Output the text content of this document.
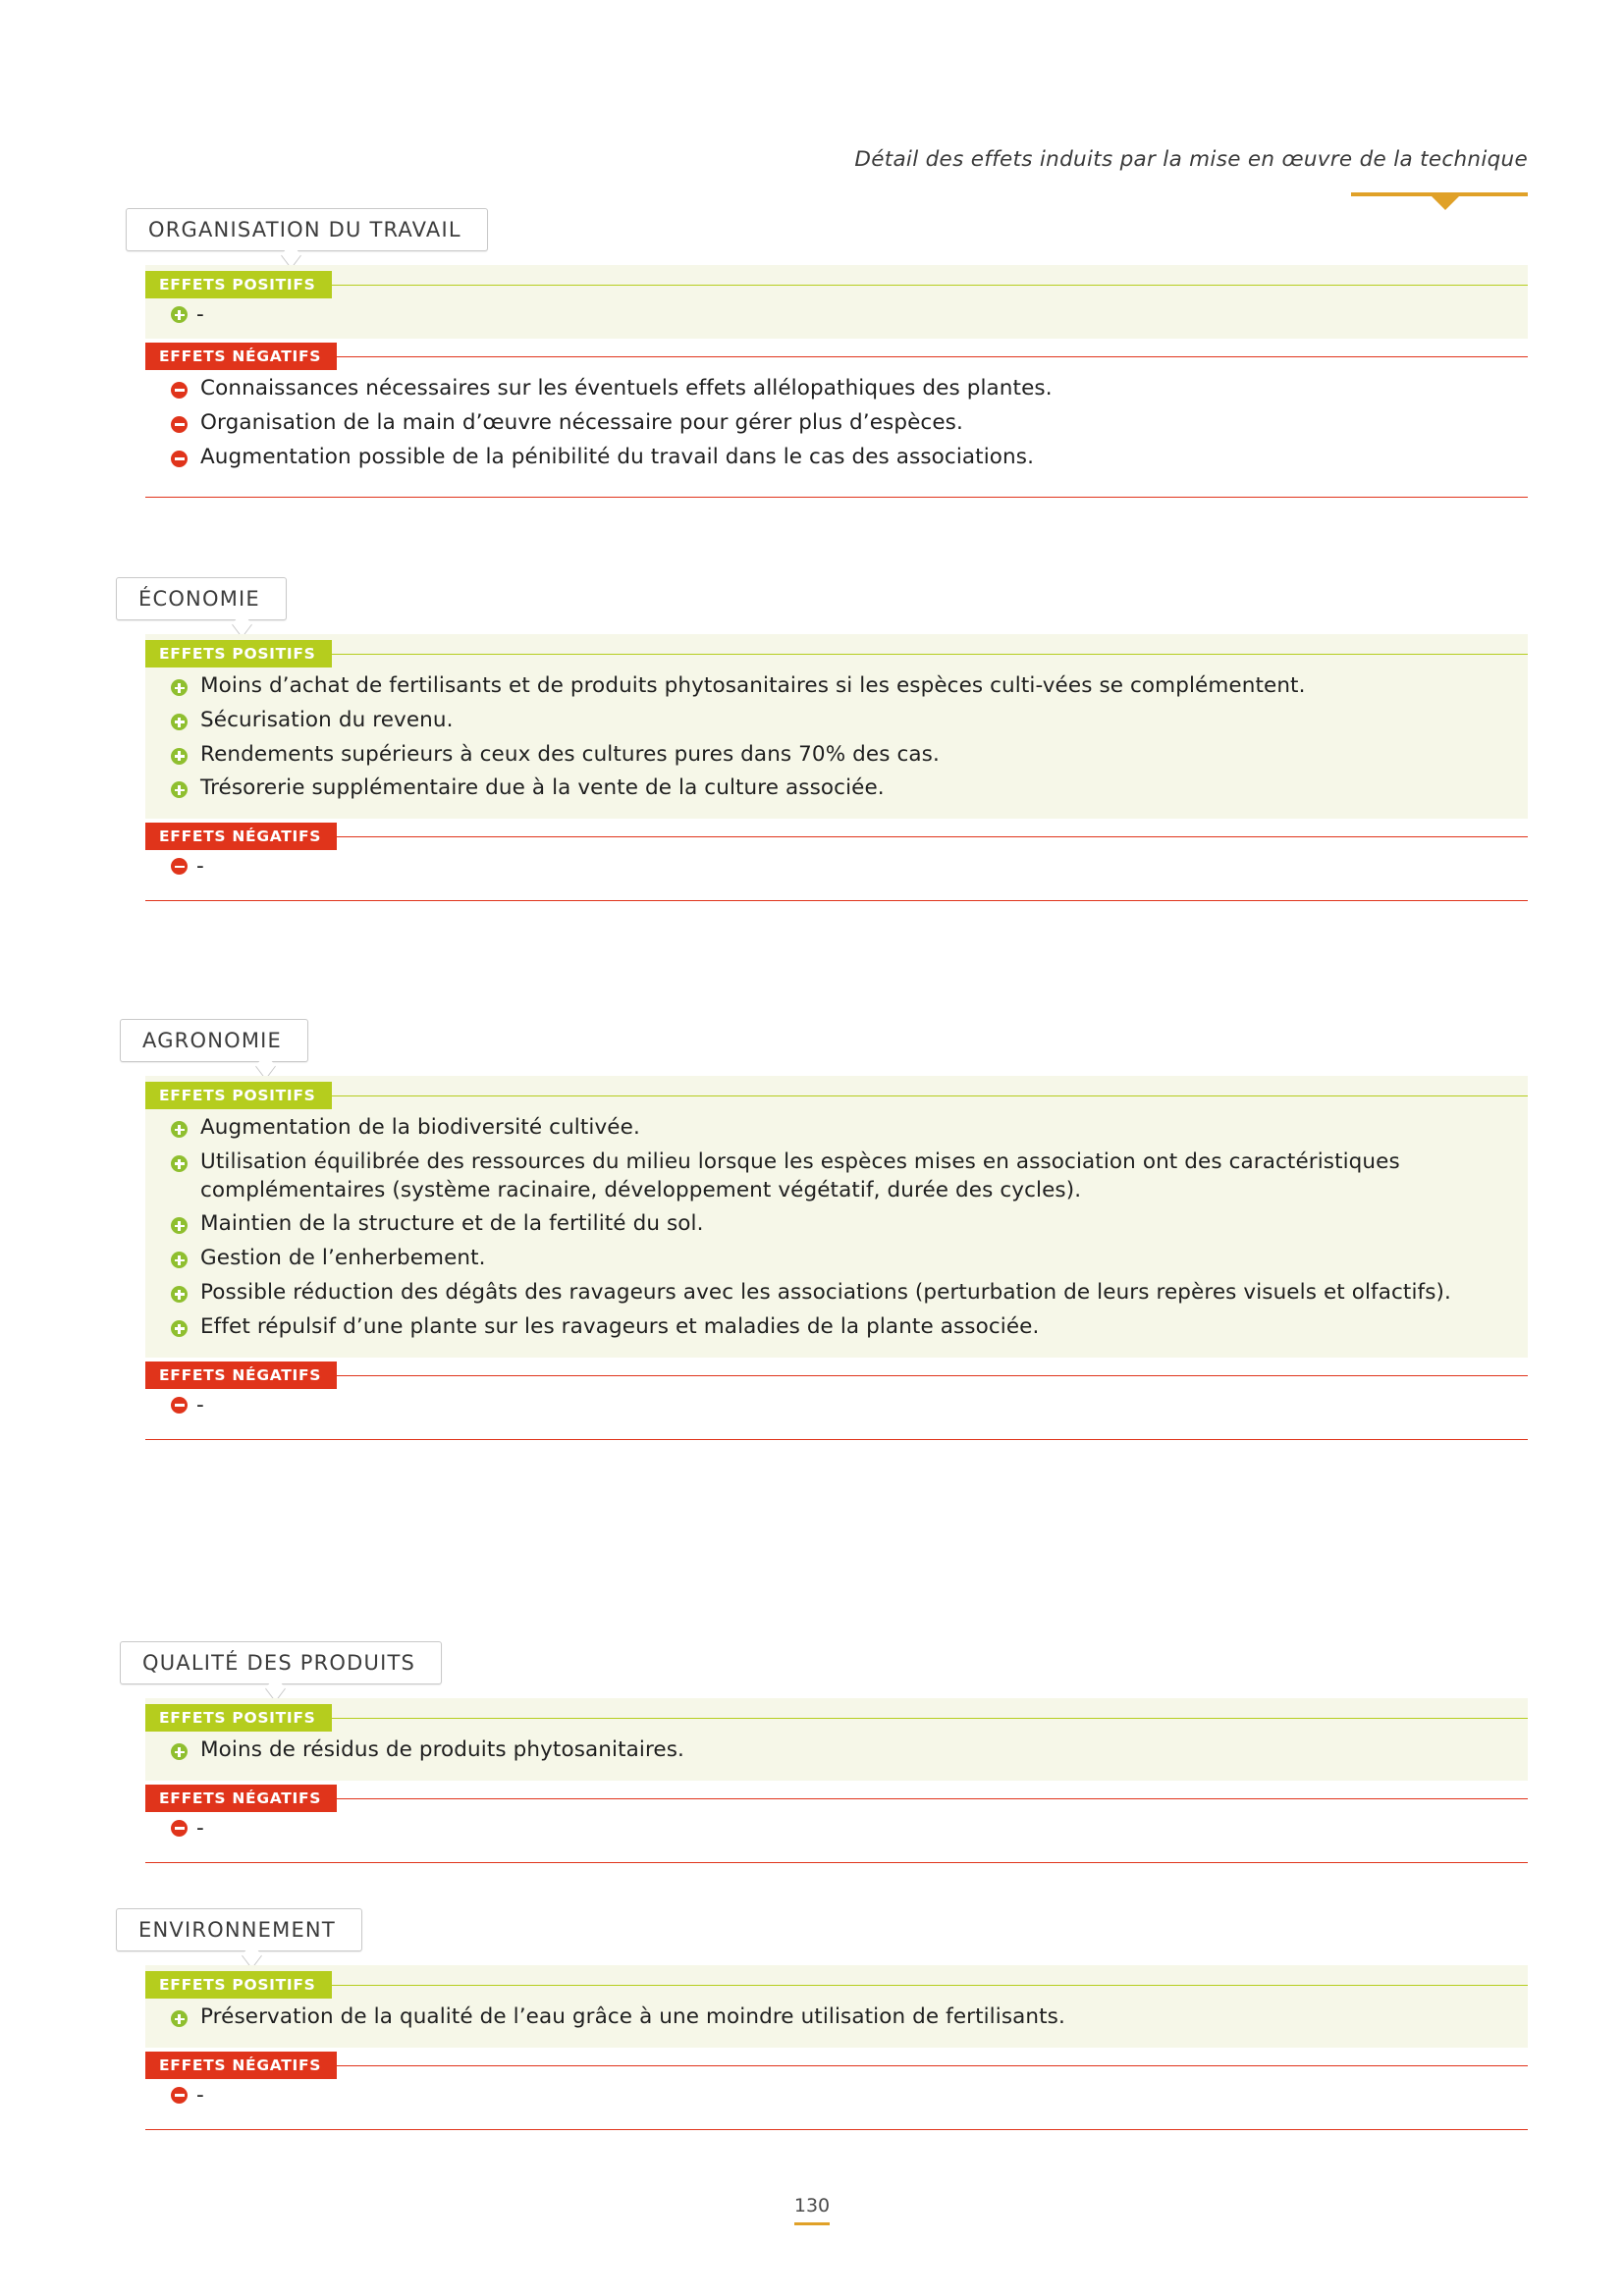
Détail des effets induits par la mise en œuvre de la technique
ORGANISATION DU TRAVAIL
EFFETS POSITIFS
-
EFFETS NÉGATIFS
Connaissances nécessaires sur les éventuels effets allélopathiques des plantes.
Organisation de la main d’œuvre nécessaire pour gérer plus d’espèces.
Augmentation possible de la pénibilité du travail dans le cas des associations.
ÉCONOMIE
EFFETS POSITIFS
Moins d’achat de fertilisants et de produits phytosanitaires si les espèces culti-vées se complémentent.
Sécurisation du revenu.
Rendements supérieurs à ceux des cultures pures dans 70% des cas.
Trésorerie supplémentaire due à la vente de la culture associée.
EFFETS NÉGATIFS
-
AGRONOMIE
EFFETS POSITIFS
Augmentation de la biodiversité cultivée.
Utilisation équilibrée des ressources du milieu lorsque les espèces mises en association ont des caractéristiques complémentaires (système racinaire, développement végétatif, durée des cycles).
Maintien de la structure et de la fertilité du sol.
Gestion de l’enherbement.
Possible réduction des dégâts des ravageurs avec les associations (perturbation de leurs repères visuels et olfactifs).
Effet répulsif d’une plante sur les ravageurs et maladies de la plante associée.
EFFETS NÉGATIFS
-
QUALITÉ DES PRODUITS
EFFETS POSITIFS
Moins de résidus de produits phytosanitaires.
EFFETS NÉGATIFS
-
ENVIRONNEMENT
EFFETS POSITIFS
Préservation de la qualité de l’eau grâce à une moindre utilisation de fertilisants.
EFFETS NÉGATIFS
-
130
